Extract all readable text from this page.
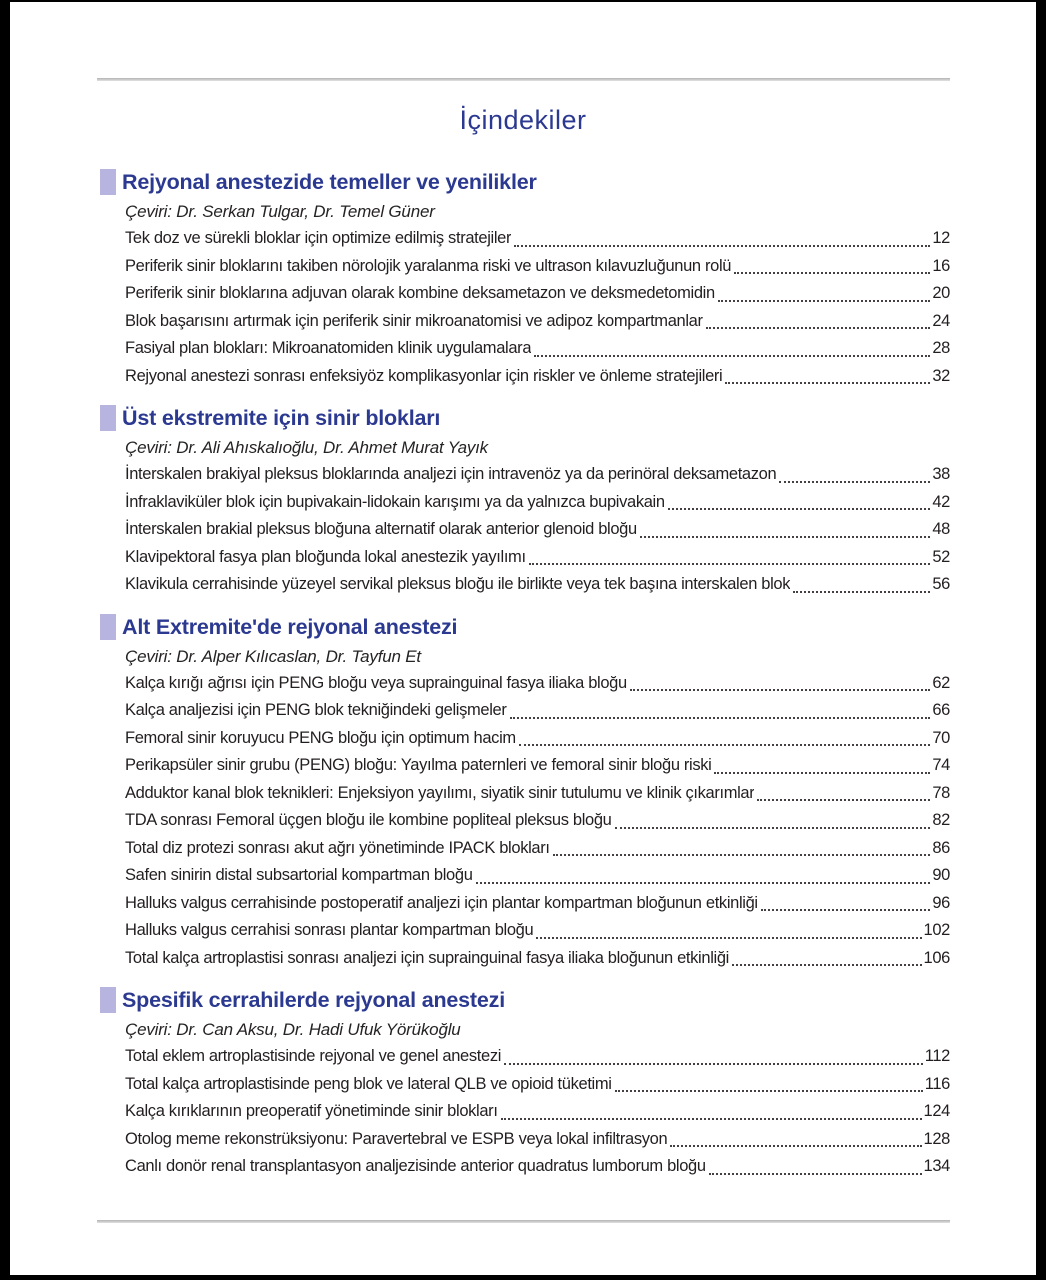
İçindekiler
Rejyonal anestezide temeller ve yenilikler

Çeviri: Dr. Serkan Tulgar, Dr. Temel Güner

Tek doz ve sürekli bloklar için optimize edilmiş stratejiler	12
Periferik sinir bloklarını takiben nörolojik yaralanma riski ve ultrason kılavuzluğunun rolü	16
Periferik sinir bloklarına adjuvan olarak kombine deksametazon ve deksmedetomidin	20
Blok başarısını artırmak için periferik sinir mikroanatomisi ve adipoz kompartmanlar	24
Fasiyal plan blokları: Mikroanatomiden klinik uygulamalara	28
Rejyonal anestezi sonrası enfeksiyöz komplikasyonlar için riskler ve önleme stratejileri	32
Üst ekstremite için sinir blokları

Çeviri: Dr. Ali Ahıskalıoğlu, Dr. Ahmet Murat Yayık

İnterskalen brakiyal pleksus bloklarında analjezi için intravenöz ya da perinöral deksametazon	38
İnfraklaviküler blok için bupivakain-lidokain karışımı ya da yalnızca bupivakain	42
İnterskalen brakial pleksus bloğuna alternatif olarak anterior glenoid bloğu	48
Klavipektoral fasya plan bloğunda lokal anestezik yayılımı	52
Klavikula cerrahisinde yüzeyel servikal pleksus bloğu ile birlikte veya tek başına interskalen blok	56
Alt Extremite'de rejyonal anestezi

Çeviri: Dr. Alper Kılıcaslan, Dr. Tayfun Et

Kalça kırığı ağrısı için PENG bloğu veya suprainguinal fasya iliaka bloğu	62
Kalça analjezisi için PENG blok tekniğindeki gelişmeler	66
Femoral sinir koruyucu PENG bloğu için optimum hacim	70
Perikapsüler sinir grubu (PENG) bloğu: Yayılma paternleri ve femoral sinir bloğu riski	74
Adduktor kanal blok teknikleri: Enjeksiyon yayılımı, siyatik sinir tutulumu ve klinik çıkarımlar	78
TDA sonrası Femoral üçgen bloğu ile kombine popliteal pleksus bloğu	82
Total diz protezi sonrası akut ağrı yönetiminde IPACK blokları	86
Safen sinirin distal subsartorial kompartman bloğu	90
Halluks valgus cerrahisinde postoperatif analjezi için plantar kompartman bloğunun etkinliği	96
Halluks valgus cerrahisi sonrası plantar kompartman bloğu	102
Total kalça artroplastisi sonrası analjezi için suprainguinal fasya iliaka bloğunun etkinliği	106
Spesifik cerrahilerde rejyonal anestezi

Çeviri: Dr. Can Aksu, Dr. Hadi Ufuk Yörükoğlu

Total eklem artroplastisinde rejyonal ve genel anestezi	112
Total kalça artroplastisinde peng blok ve lateral QLB ve opioid tüketimi	116
Kalça kırıklarının preoperatif yönetiminde sinir blokları	124
Otolog meme rekonstrüksiyonu: Paravertebral ve ESPB veya lokal infiltrasyon	128
Canlı donör renal transplantasyon analjezisinde anterior quadratus lumborum bloğu	134
